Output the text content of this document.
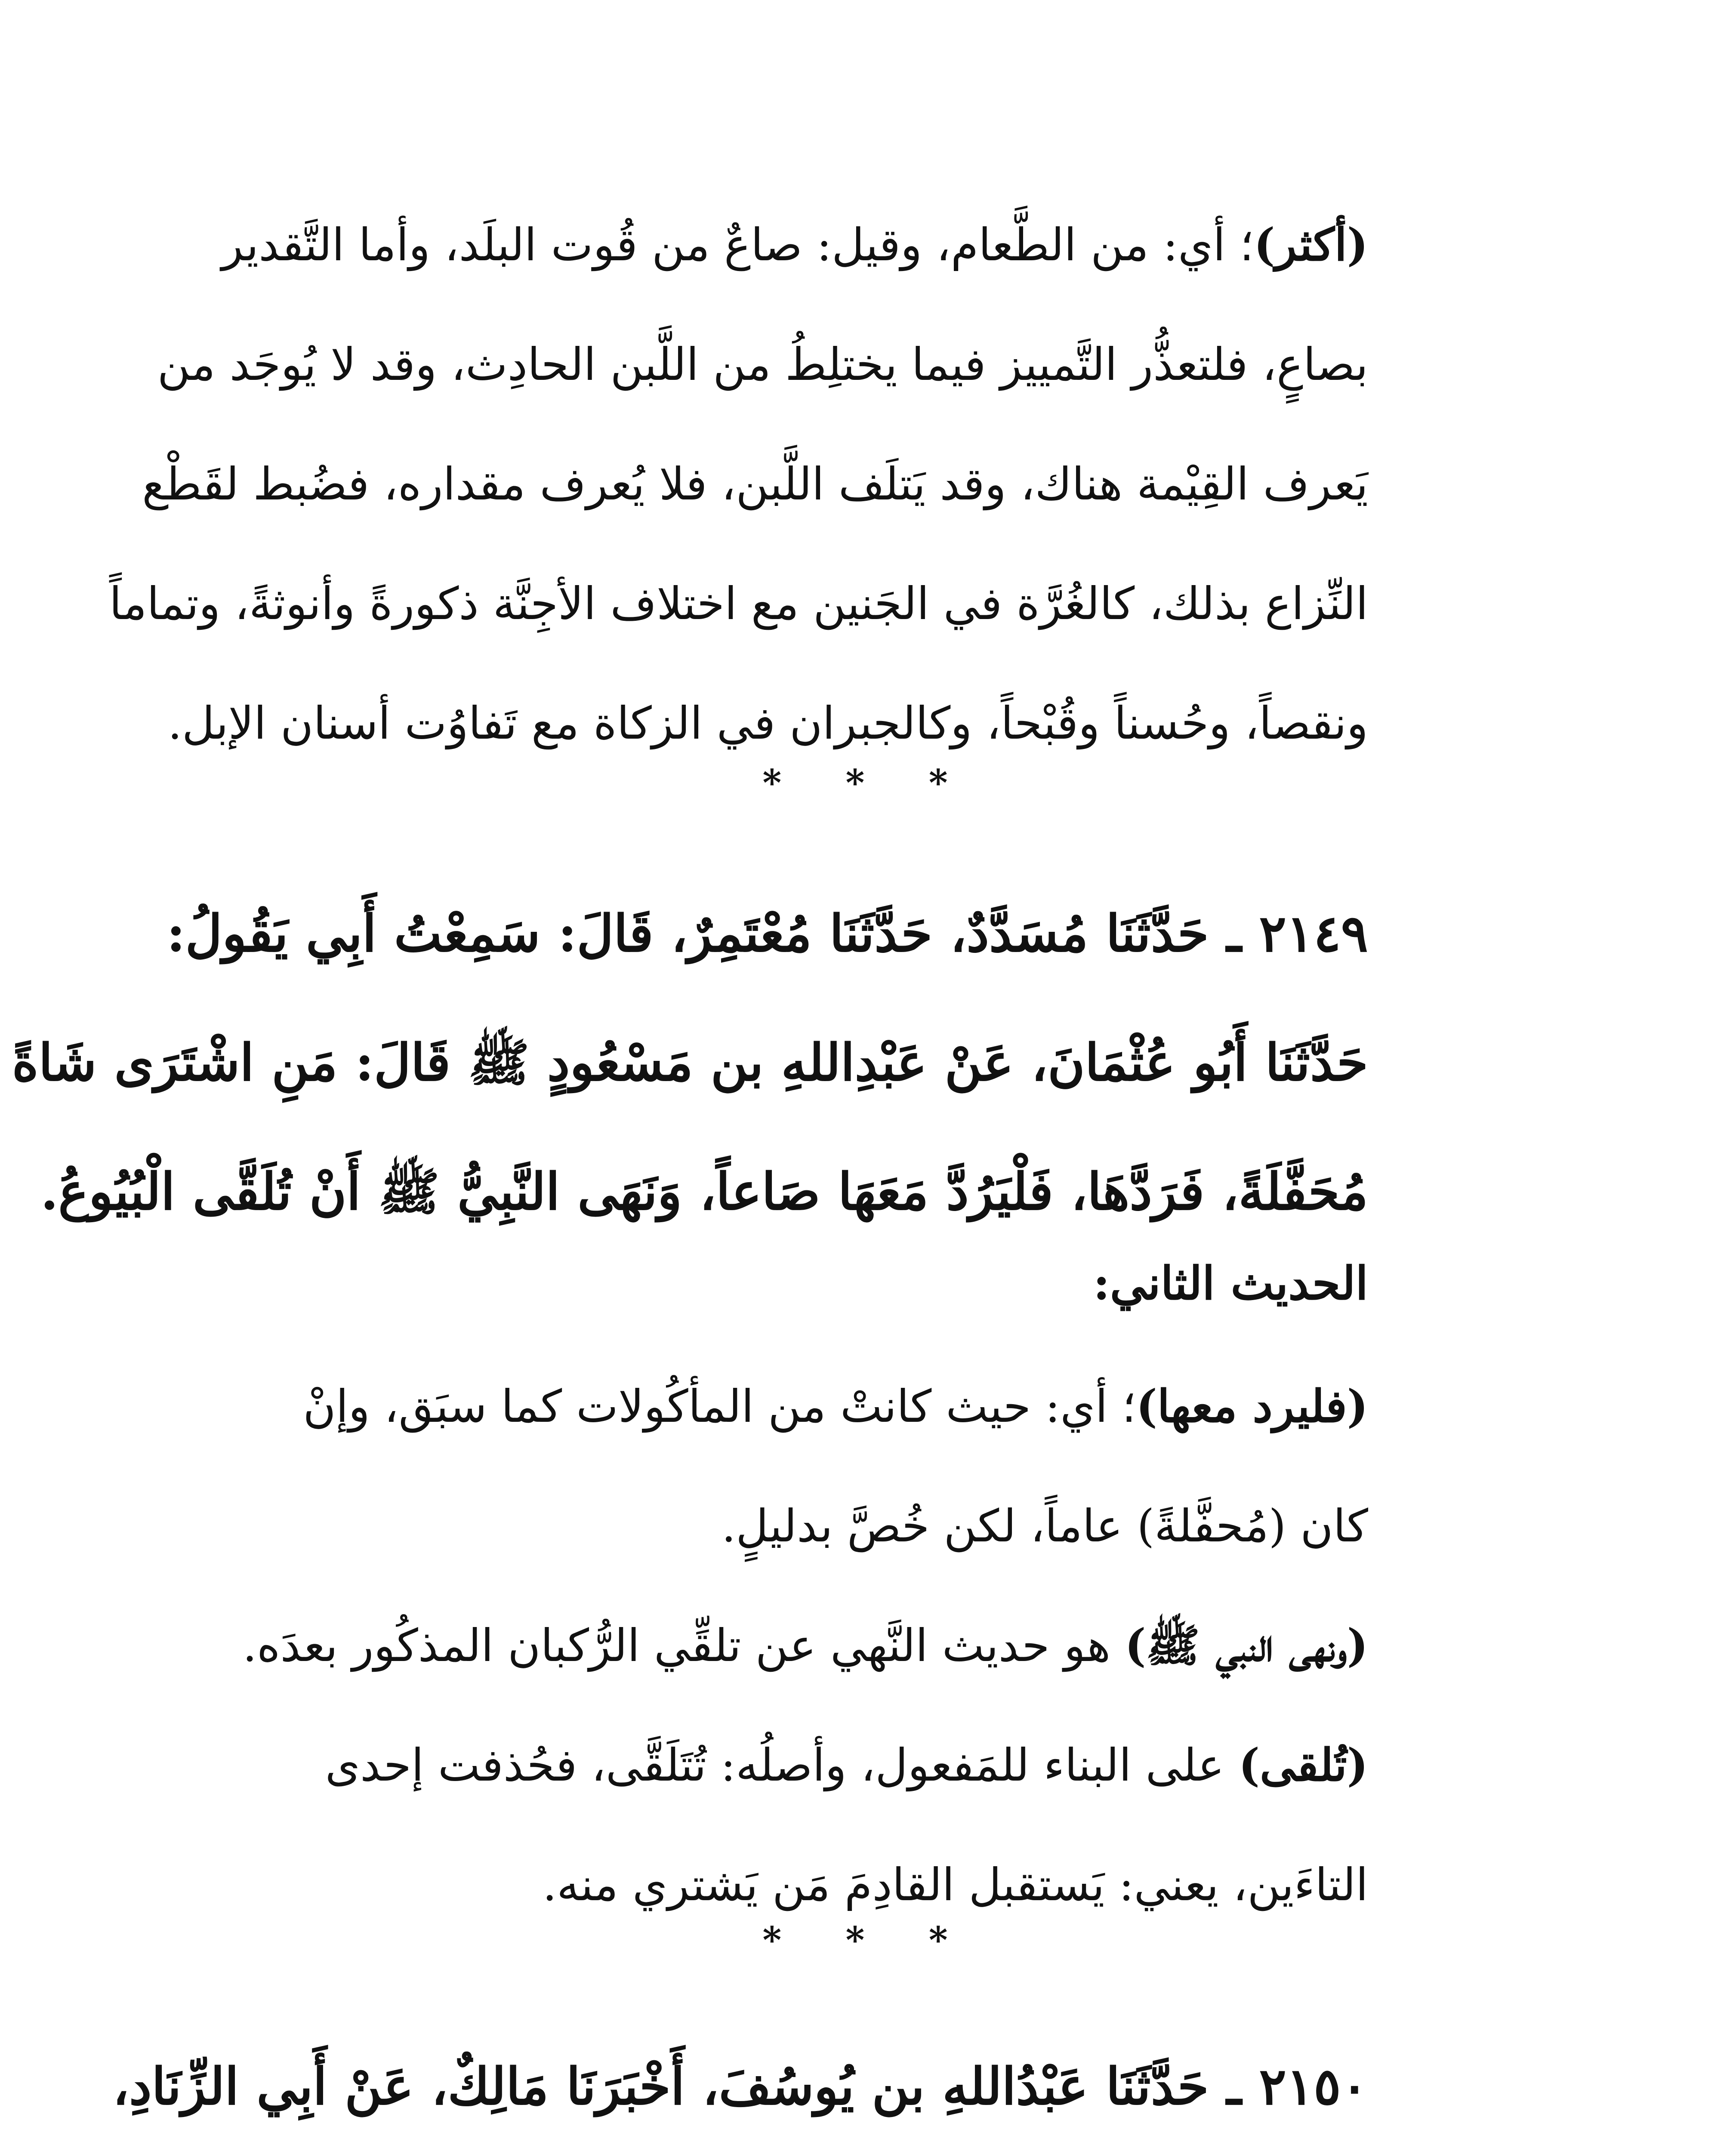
(أكثر)؛ أي: من الطَّعام، وقيل: صاعٌ من قُوت البلَد، وأما التَّقدير
بصاعٍ، فلتعذُّر التَّمييز فيما يختلِطُ من اللَّبن الحادِث، وقد لا يُوجَد من
يَعرف القِيْمة هناك، وقد يَتلَف اللَّبن، فلا يُعرف مقداره، فضُبط لقَطْع
النِّزاع بذلك، كالغُرَّة في الجَنين مع اختلاف الأجِنَّة ذكورةً وأنوثةً، وتماماً
ونقصاً، وحُسناً وقُبْحاً، وكالجبران في الزكاة مع تَفاوُت أسنان الإبل.
* * *
٢١٤٩ ـ حَدَّثَنَا مُسَدَّدٌ، حَدَّثَنَا مُعْتَمِرٌ، قَالَ: سَمِعْتُ أَبِي يَقُولُ:
حَدَّثَنَا أَبُو عُثْمَانَ، عَنْ عَبْدِاللهِ بن مَسْعُودٍ ﷺ قَالَ: مَنِ اشْتَرَى شَاةً
مُحَفَّلَةً، فَرَدَّهَا، فَلْيَرُدَّ مَعَهَا صَاعاً، وَنَهَى النَّبِيُّ ﷺ أَنْ تُلَقَّى الْبُيُوعُ.
الحديث الثاني:
(فليرد معها)؛ أي: حيث كانتْ من المأكُولات كما سبَق، وإنْ
كان (مُحفَّلةً) عاماً، لكن خُصَّ بدليلٍ.
(ونهى النبي ﷺ) هو حديث النَّهي عن تلقِّي الرُّكبان المذكُور بعدَه.
(تُلقى) على البناء للمَفعول، وأصلُه: تُتَلَقَّى، فحُذفت إحدى
التاءَين، يعني: يَستقبل القادِمَ مَن يَشتري منه.
* * *
٢١٥٠ ـ حَدَّثَنَا عَبْدُاللهِ بن يُوسُفَ، أَخْبَرَنَا مَالِكٌ، عَنْ أَبِي الزِّنَادِ،
